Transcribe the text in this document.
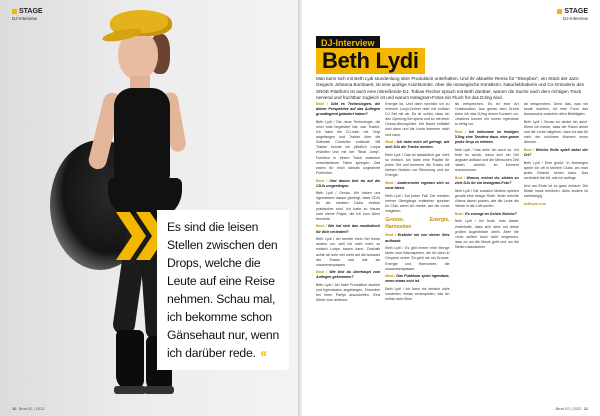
STAGE
DJ-Interview
Es sind die leisen Stellen zwischen den Drops, welche die Leute auf eine Reise nehmen. Schau mal, ich bekomme schon Gänsehaut nur, wenn ich darüber rede. «
10 Beat 02 | 2022
STAGE
DJ-Interview
DJ-Interview
Beth Lydi
Man kann sich mit Beth Lydi stundenlang über Produktion unterhalten. Und ihr aktueller Remix für "Sleepbox", ein Stück der Jazz-Geigerin Johanna Bumbaert, ist eine quirlige Acid-Bombe. Aber die norwegische Künstlerin, Naturliebhaberin und Co-Gründerin des SNOE-Plattform ist auch eine mitreißende DJ. Tobias Fischer sprach mit Beth darüber, warum die Suche nach dem richtigen Track nervend und fruchtbar zugleich ist und warum Instagram-Fotos ein Fluch für das DJing sind.

Beat / Gibt es Technologien, die deiner Perspektive auf das Auflegen grundlegend geändert haben?

Beth Lydi / Die neue Technologie, die mich total begeistert hat, war Traktor. Ich habe die DJ-mich mit Vinyl angefangen und Traktor über die Software Controller entdeckt. Mit Traktor konnte ich plötzlich Loops erstellen und mit der "Beat Jump"-Funktion in einem Track zwischen verschiedenen Teilen springen. Das waren für mich damals ungeahnte Freiheiten.

Beat / Und darum bist du auf die CDJs umgestiegen.

Beth Lydi / Genau. Wir haben uns irgendwann darauf geeinigt, dass CDJs für die meisten Clubs einfach praktischer sind. Ich hatte zu Hause zwei kleine Player, die ich zum Üben benutzte.

Beat / Wie hat sich das musikalisch für dich verändert?

Beth Lydi / Ich bereite mein Set heute anders vor, weil ich nicht mehr so einfach Loops bauen kann. Deshalb achte ich sehr viel mehr auf die Auswahl der Tracks und wie sie zusammenpassen.

Beat / Wie bist du überhaupt zum Auflegen gekommen?

Beth Lydi / Ich habe Produktion studiert und irgendwann angefangen, Freunden bei ihren Partys auszuhelfen. Eins führte zum anderen.

Energie ist. Und dann wechsle ich zu meinem Loopi-Ordner oder mit einfach DJ Set mit ab. Es ist schön, dass ich den Opening-Set spiele und so mit einer Ozean-Atmosphäre. Die Nacht entfaltet sich dann und die Leute kommen nach und nach.

Beat / Ich habe mich oft gefragt, wie sich DJs die Tracks merken.

Beth Lydi / Das ist tatsächlich gar nicht so einfach. Ich habe eine Playlist für jedes Set und benenne die Tracks mit kleinen Notizen zur Stimmung und zur Energie.

Beat / Andererseits ergeben sich so neue Ideen.

Beth Lydi / Auf jeden Fall. Die meisten meiner Übergänge entstehen spontan im Club, wenn ich merke, wie die Leute reagieren.

Groove, Energie, Harmonien

Beat / Erzählst mir von deiner Sets aufbaust.

Beth Lydi / Es gibt immer eine Menge Ideen zum Warmspielen, die ich dann in Gruppen ordne. Es geht mir um Groove, Energie und Harmonien, die zusammenpassen.

Beat / Das Publikum spürt irgendwie, wenn etwas echt ist.

Beth Lydi / Ich kann mir einfach nicht vorstellen, etwas vorzuspielen, das ich selbst nicht fühle.

als entsprechen. Es ist eine Art Kollaboration. Aus genau dem Grund ziehe ich das DJing einem Konzert vor. Letzteres kommt mir immer irgendwie zu fertig vor.

Beat / Ich bekomme im heutigen DJing eine Tendenz dazu, eine ganze große Drop zu erleben.

Beth Lydi / Das sehe ich auch so. Ich finde es schön, wenn sich ein Set langsam aufbaut und die Menschen Zeit haben, wirklich im Moment anzukommen.

Beat / Warum, meinst du, sieben so viele DJs für ein Instagram-Foto?

Beth Lydi / Die sozialen Medien spielen gerade eine riesige Rolle. Jeder möchte Videos davon posten, wie die Leute die Hände in die Luft werfen.

Beat / Es erzeugt im Gehirn Brüche?

Beth Lydi / Ich finde, trotz dieser Vorbehalte, dass sich alles um diese großen Augenblicke dreht. Aber die Leute sollten doch nicht vergessen, dass es um die Musik geht und um die Stellen dazwischen.

ab entsprechen. Denn das, was wir heute machen, ist eine Form des Austauschs zwischen allen Beteiligten.

Beth Lydi / Genau so denke ich auch: Wenn ich merke, dass der Raum atmet und die Leute mitgehen, dann ist das für mich der schönste Moment eines Abends.

Beat / Welche Rolle spielt dabei der Ort?

Beth Lydi / Eine große. In Norwegen spiele ich oft in kleinen Clubs, wo man jedes Gesicht sehen kann. Das verändert die Art, wie ich auflege.

Und am Ende ist es ganz einfach: Die Musik muss berühren. Alles andere ist zweitrangig.

bethlydi.com

Beat 02 | 2022 11
